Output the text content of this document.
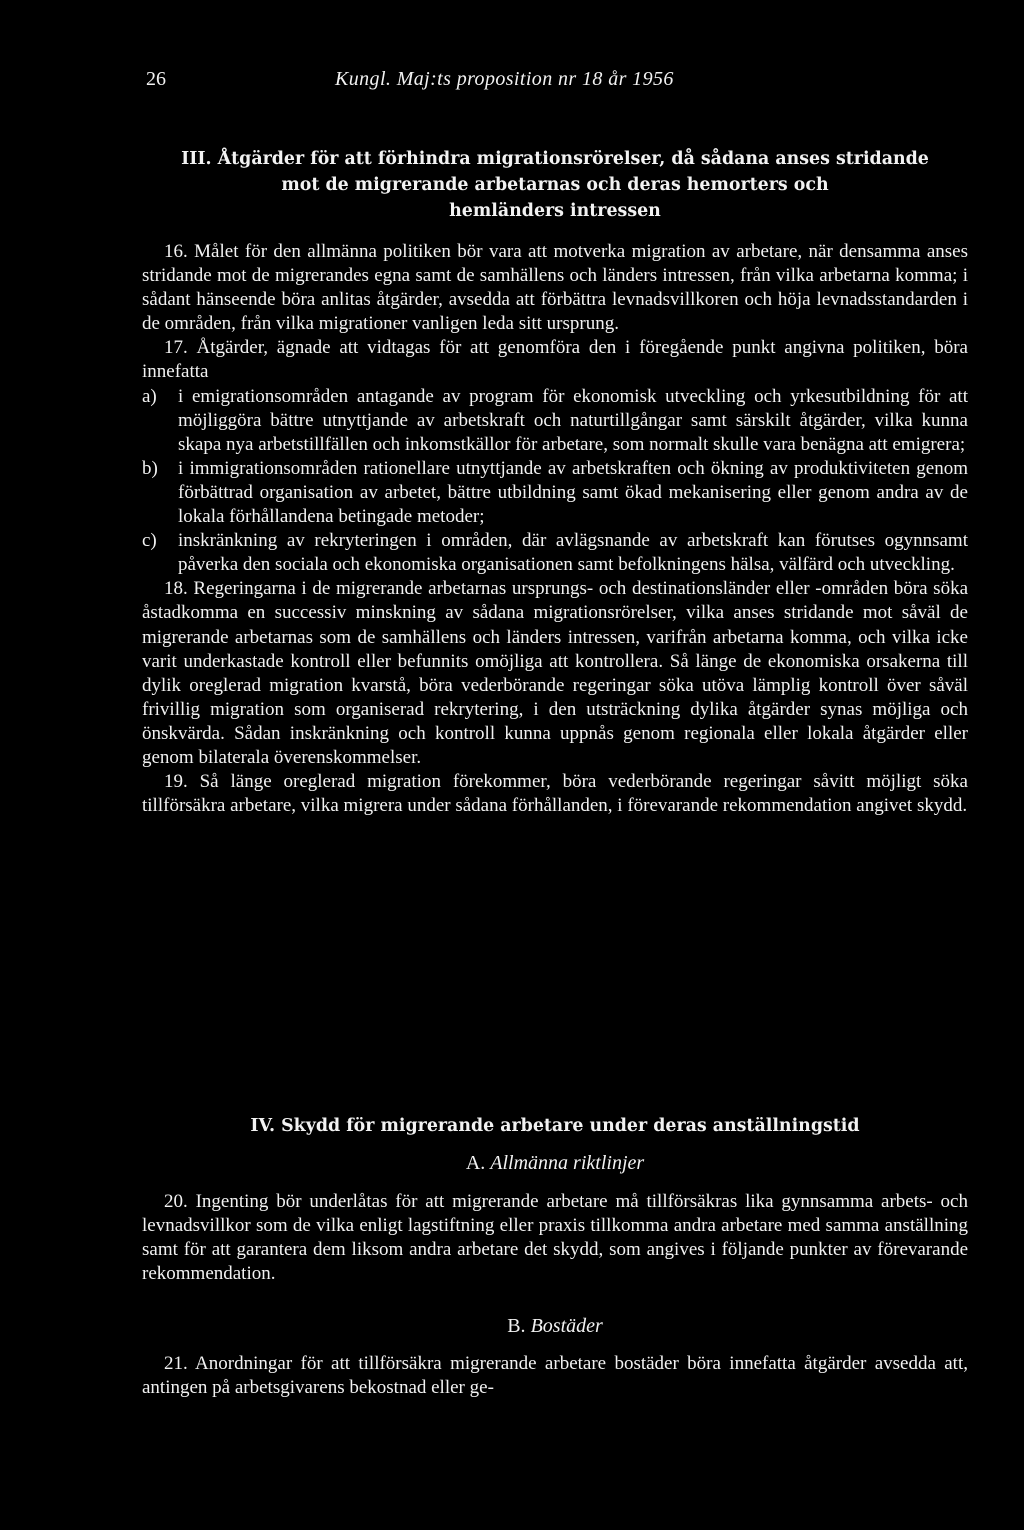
26	Kungl. Maj:ts proposition nr 18 år 1956
III. Åtgärder för att förhindra migrationsrörelser, då sådana anses stridande
mot de migrerande arbetarnas och deras hemorters och
hemländers intressen

16. Målet för den allmänna politiken bör vara att motverka migration av arbetare, när densamma anses stridande mot de migrerandes egna samt de samhällens och länders intressen, från vilka arbetarna komma; i sådant hänseende böra anlitas åtgärder, avsedda att förbättra levnadsvillkoren och höja levnadsstandarden i de områden, från vilka migrationer vanligen leda sitt ursprung.

17. Åtgärder, ägnade att vidtagas för att genomföra den i föregående punkt angivna politiken, böra innefatta

a) i emigrationsområden antagande av program för ekonomisk utveckling och yrkesutbildning för att möjliggöra bättre utnyttjande av arbetskraft och naturtillgångar samt särskilt åtgärder, vilka kunna skapa nya arbetstillfällen och inkomstkällor för arbetare, som normalt skulle vara benägna att emigrera;
b) i immigrationsområden rationellare utnyttjande av arbetskraften och ökning av produktiviteten genom förbättrad organisation av arbetet, bättre utbildning samt ökad mekanisering eller genom andra av de lokala förhållandena betingade metoder;
c) inskränkning av rekryteringen i områden, där avlägsnande av arbetskraft kan förutses ogynnsamt påverka den sociala och ekonomiska organisationen samt befolkningens hälsa, välfärd och utveckling.

18. Regeringarna i de migrerande arbetarnas ursprungs- och destinationsländer eller -områden böra söka åstadkomma en successiv minskning av sådana migrationsrörelser, vilka anses stridande mot såväl de migrerande arbetarnas som de samhällens och länders intressen, varifrån arbetarna komma, och vilka icke varit underkastade kontroll eller befunnits omöjliga att kontrollera. Så länge de ekonomiska orsakerna till dylik oreglerad migration kvarstå, böra vederbörande regeringar söka utöva lämplig kontroll över såväl frivillig migration som organiserad rekrytering, i den utsträckning dylika åtgärder synas möjliga och önskvärda. Sådan inskränkning och kontroll kunna uppnås genom regionala eller lokala åtgärder eller genom bilaterala överenskommelser.

19. Så länge oreglerad migration förekommer, böra vederbörande regeringar såvitt möjligt söka tillförsäkra arbetare, vilka migrera under sådana förhållanden, i förevarande rekommendation angivet skydd.

IV. Skydd för migrerande arbetare under deras anställningstid
A. Allmänna riktlinjer

20. Ingenting bör underlåtas för att migrerande arbetare må tillförsäkras lika gynnsamma arbets- och levnadsvillkor som de vilka enligt lagstiftning eller praxis tillkomma andra arbetare med samma anställning samt för att garantera dem liksom andra arbetare det skydd, som angives i följande punkter av förevarande rekommendation.

B. Bostäder

21. Anordningar för att tillförsäkra migrerande arbetare bostäder böra innefatta åtgärder avsedda att, antingen på arbetsgivarens bekostnad eller ge-
